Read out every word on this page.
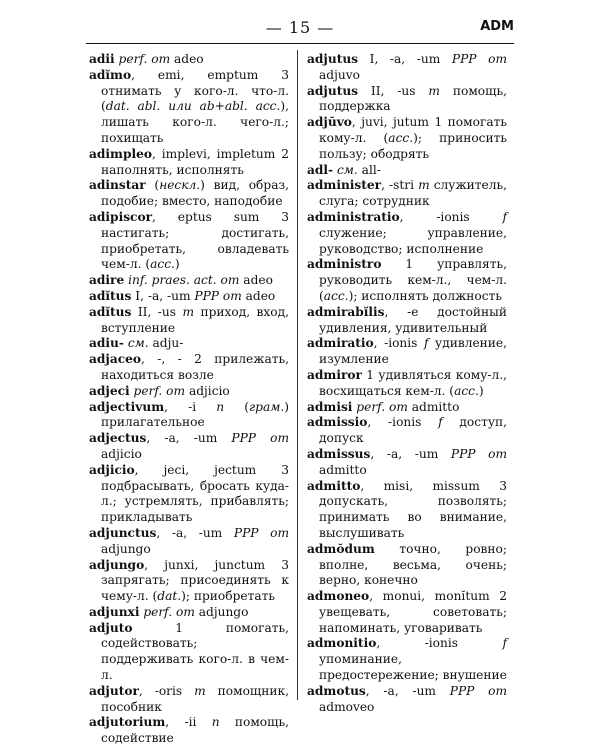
— 15 —	ADM

adii perf. от adeo

adĭmo, emi, emptum 3 отнимать у кого-л. что-л. (dat. abl. или ab+abl. acc.), лишать кого-л. чего-л.; похищать

adimpleo, implevi, impletum 2 наполнять, исполнять

adinstar (нескл.) вид, образ, подобие; вместо, наподобие

adipiscor, eptus sum 3 настигать; достигать, приобретать, овладевать чем-л. (acc.)

adire inf. praes. act. от adeo

adĭtus I, -a, -um PPP от adeo

adĭtus II, -us m приход, вход, вступление

adiu- см. adju-

adjaceo, -, - 2 прилежать, находиться возле

adjeci perf. от adjicio

adjectivum, -i n (грам.) прилагательное

adjectus, -a, -um PPP от adjicio

adjicio, jeci, jectum 3 подбрасывать, бросать куда-л.; устремлять, прибавлять; прикладывать

adjunctus, -a, -um PPP от adjungo

adjungo, junxi, junctum 3 запрягать; присоединять к чему-л. (dat.); приобретать

adjunxi perf. от adjungo

adjuto 1 помогать, содействовать; поддерживать кого-л. в чем-л.

adjutor, -oris m помощник, пособник

adjutorium, -ii n помощь, содействие

adjutus I, -a, -um PPP от adjuvo

adjutus II, -us m помощь, поддержка

adjŭvo, juvi, jutum 1 помогать кому-л. (acc.); приносить пользу; ободрять

adl- см. all-

administer, -stri m служитель, слуга; сотрудник

administratio, -ionis f служение; управление, руководство; исполнение

administro 1 управлять, руководить кем-л., чем-л. (acc.); исполнять должность

admirabĭlis, -e достойный удивления, удивительный

admiratio, -ionis f удивление, изумление

admiror 1 удивляться кому-л., восхищаться кем-л. (acc.)

admisi perf. от admitto

admissio, -ionis f доступ, допуск

admissus, -a, -um PPP от admitto

admitto, misi, missum 3 допускать, позволять; принимать во внимание, выслушивать

admŏdum точно, ровно; вполне, весьма, очень; верно, конечно

admoneo, monui, monĭtum 2 увещевать, советовать; напоминать, уговаривать

admonitio, -ionis f упоминание, предостережение; внушение

admotus, -a, -um PPP от admoveo
